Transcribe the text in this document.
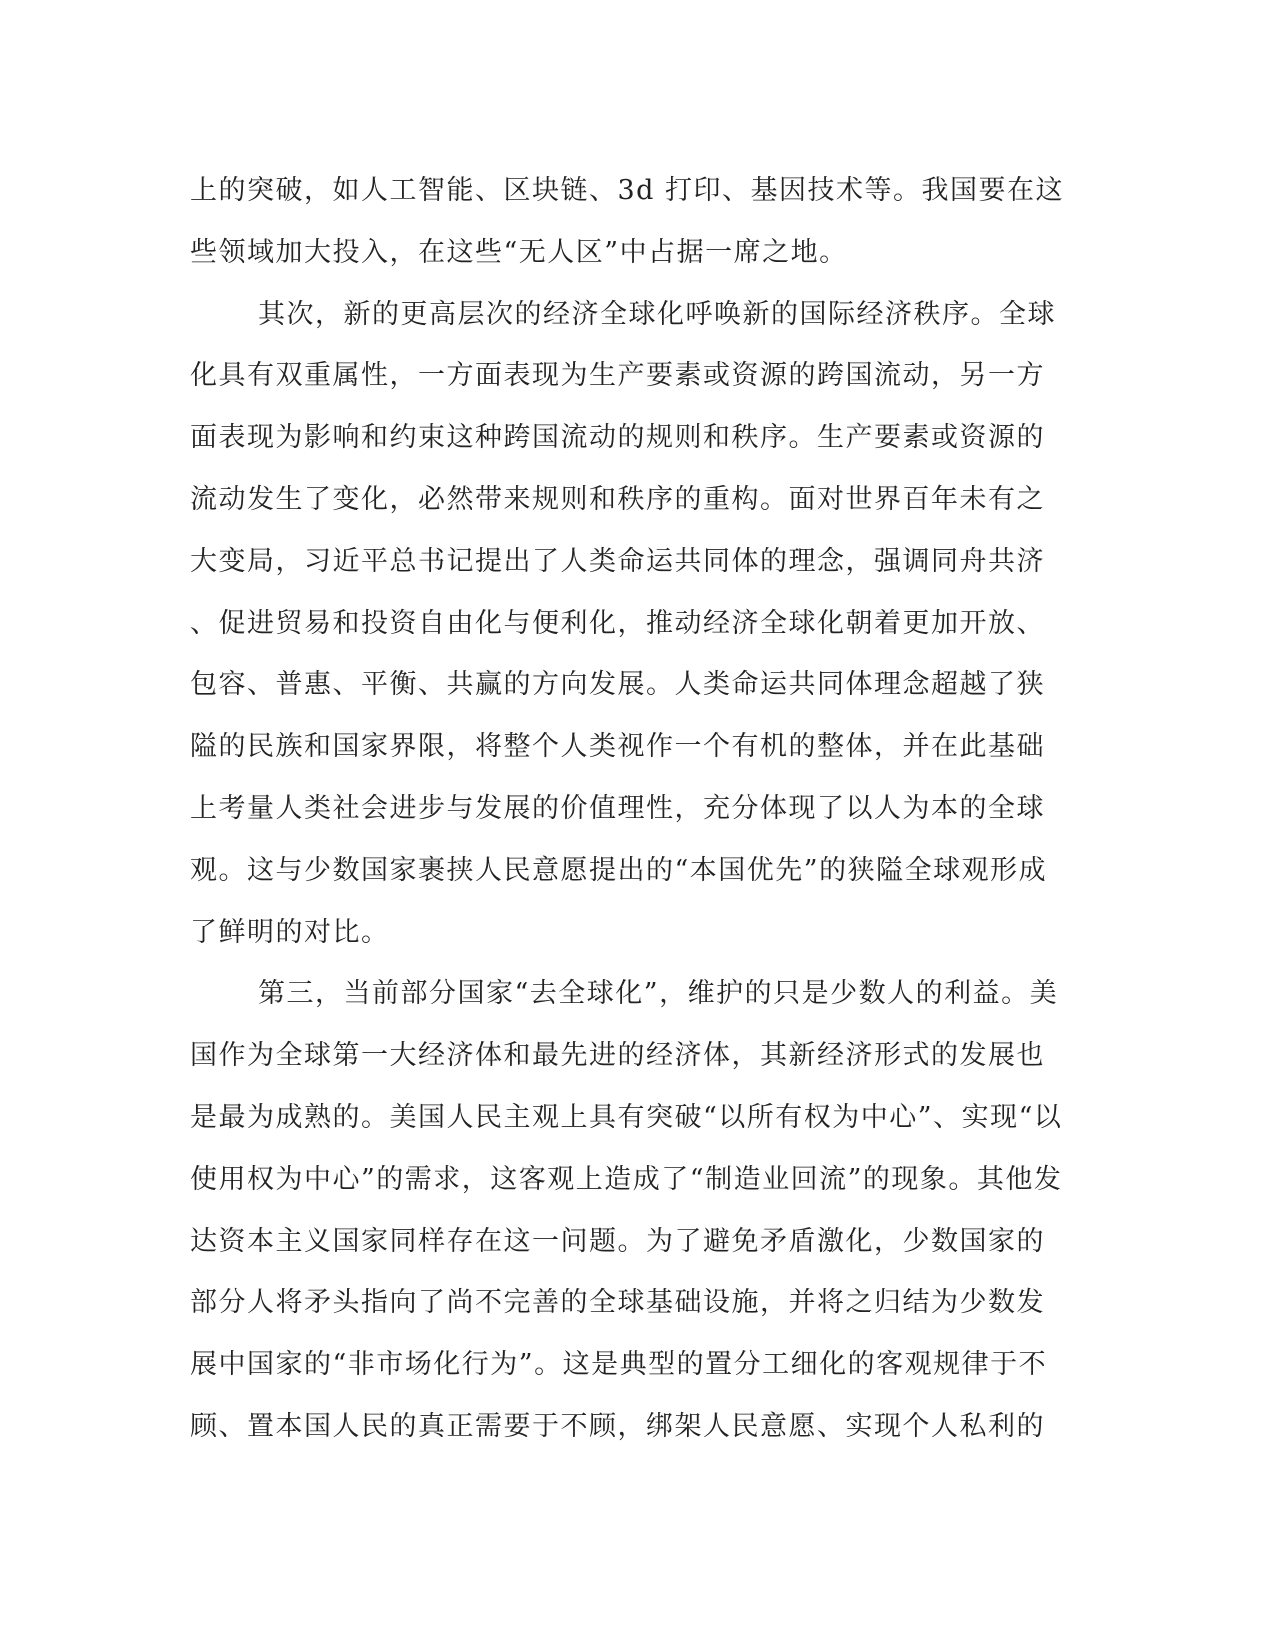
上的突破，如人工智能、区块链、3d 打印、基因技术等。我国要在这
些领域加大投入，在这些“无人区”中占据一席之地。
其次，新的更高层次的经济全球化呼唤新的国际经济秩序。全球
化具有双重属性，一方面表现为生产要素或资源的跨国流动，另一方
面表现为影响和约束这种跨国流动的规则和秩序。生产要素或资源的
流动发生了变化，必然带来规则和秩序的重构。面对世界百年未有之
大变局，习近平总书记提出了人类命运共同体的理念，强调同舟共济
、促进贸易和投资自由化与便利化，推动经济全球化朝着更加开放、
包容、普惠、平衡、共赢的方向发展。人类命运共同体理念超越了狭
隘的民族和国家界限，将整个人类视作一个有机的整体，并在此基础
上考量人类社会进步与发展的价值理性，充分体现了以人为本的全球
观。这与少数国家裹挟人民意愿提出的“本国优先”的狭隘全球观形成
了鲜明的对比。
第三，当前部分国家“去全球化”，维护的只是少数人的利益。美
国作为全球第一大经济体和最先进的经济体，其新经济形式的发展也
是最为成熟的。美国人民主观上具有突破“以所有权为中心”、实现“以
使用权为中心”的需求，这客观上造成了“制造业回流”的现象。其他发
达资本主义国家同样存在这一问题。为了避免矛盾激化，少数国家的
部分人将矛头指向了尚不完善的全球基础设施，并将之归结为少数发
展中国家的“非市场化行为”。这是典型的置分工细化的客观规律于不
顾、置本国人民的真正需要于不顾，绑架人民意愿、实现个人私利的
